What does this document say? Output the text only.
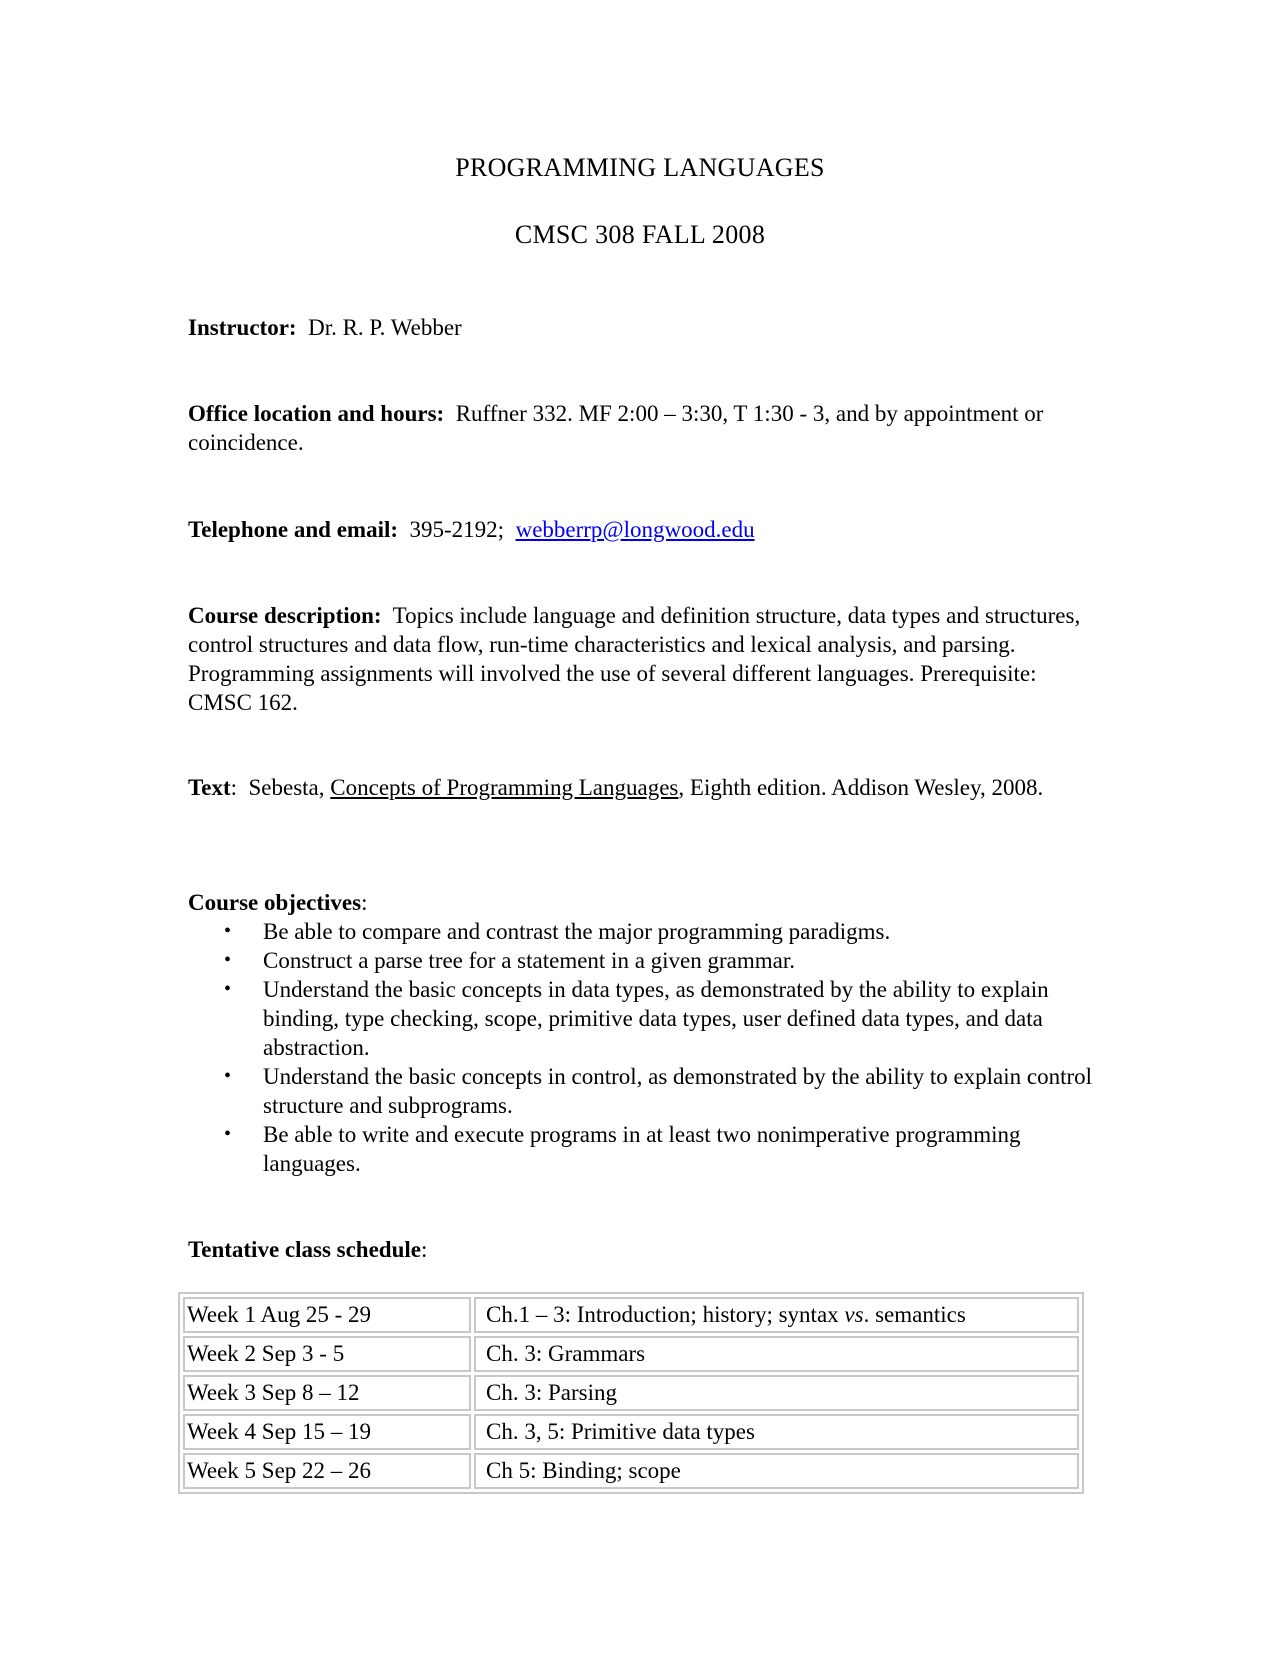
PROGRAMMING LANGUAGES
CMSC 308 FALL 2008
Instructor: Dr. R. P. Webber
Office location and hours: Ruffner 332. MF 2:00 – 3:30, T 1:30 - 3, and by appointment or coincidence.
Telephone and email: 395-2192; webberrp@longwood.edu
Course description: Topics include language and definition structure, data types and structures, control structures and data flow, run-time characteristics and lexical analysis, and parsing. Programming assignments will involved the use of several different languages. Prerequisite: CMSC 162.
Text: Sebesta, Concepts of Programming Languages, Eighth edition. Addison Wesley, 2008.
Course objectives:
• Be able to compare and contrast the major programming paradigms.
• Construct a parse tree for a statement in a given grammar.
• Understand the basic concepts in data types, as demonstrated by the ability to explain binding, type checking, scope, primitive data types, user defined data types, and data abstraction.
• Understand the basic concepts in control, as demonstrated by the ability to explain control structure and subprograms.
• Be able to write and execute programs in at least two nonimperative programming languages.
Tentative class schedule:
Week 1 Aug 25 - 29	Ch.1 – 3: Introduction; history; syntax vs. semantics
Week 2 Sep 3 - 5	Ch. 3: Grammars
Week 3 Sep 8 – 12	Ch. 3: Parsing
Week 4 Sep 15 – 19	Ch. 3, 5: Primitive data types
Week 5 Sep 22 – 26	Ch 5: Binding; scope
